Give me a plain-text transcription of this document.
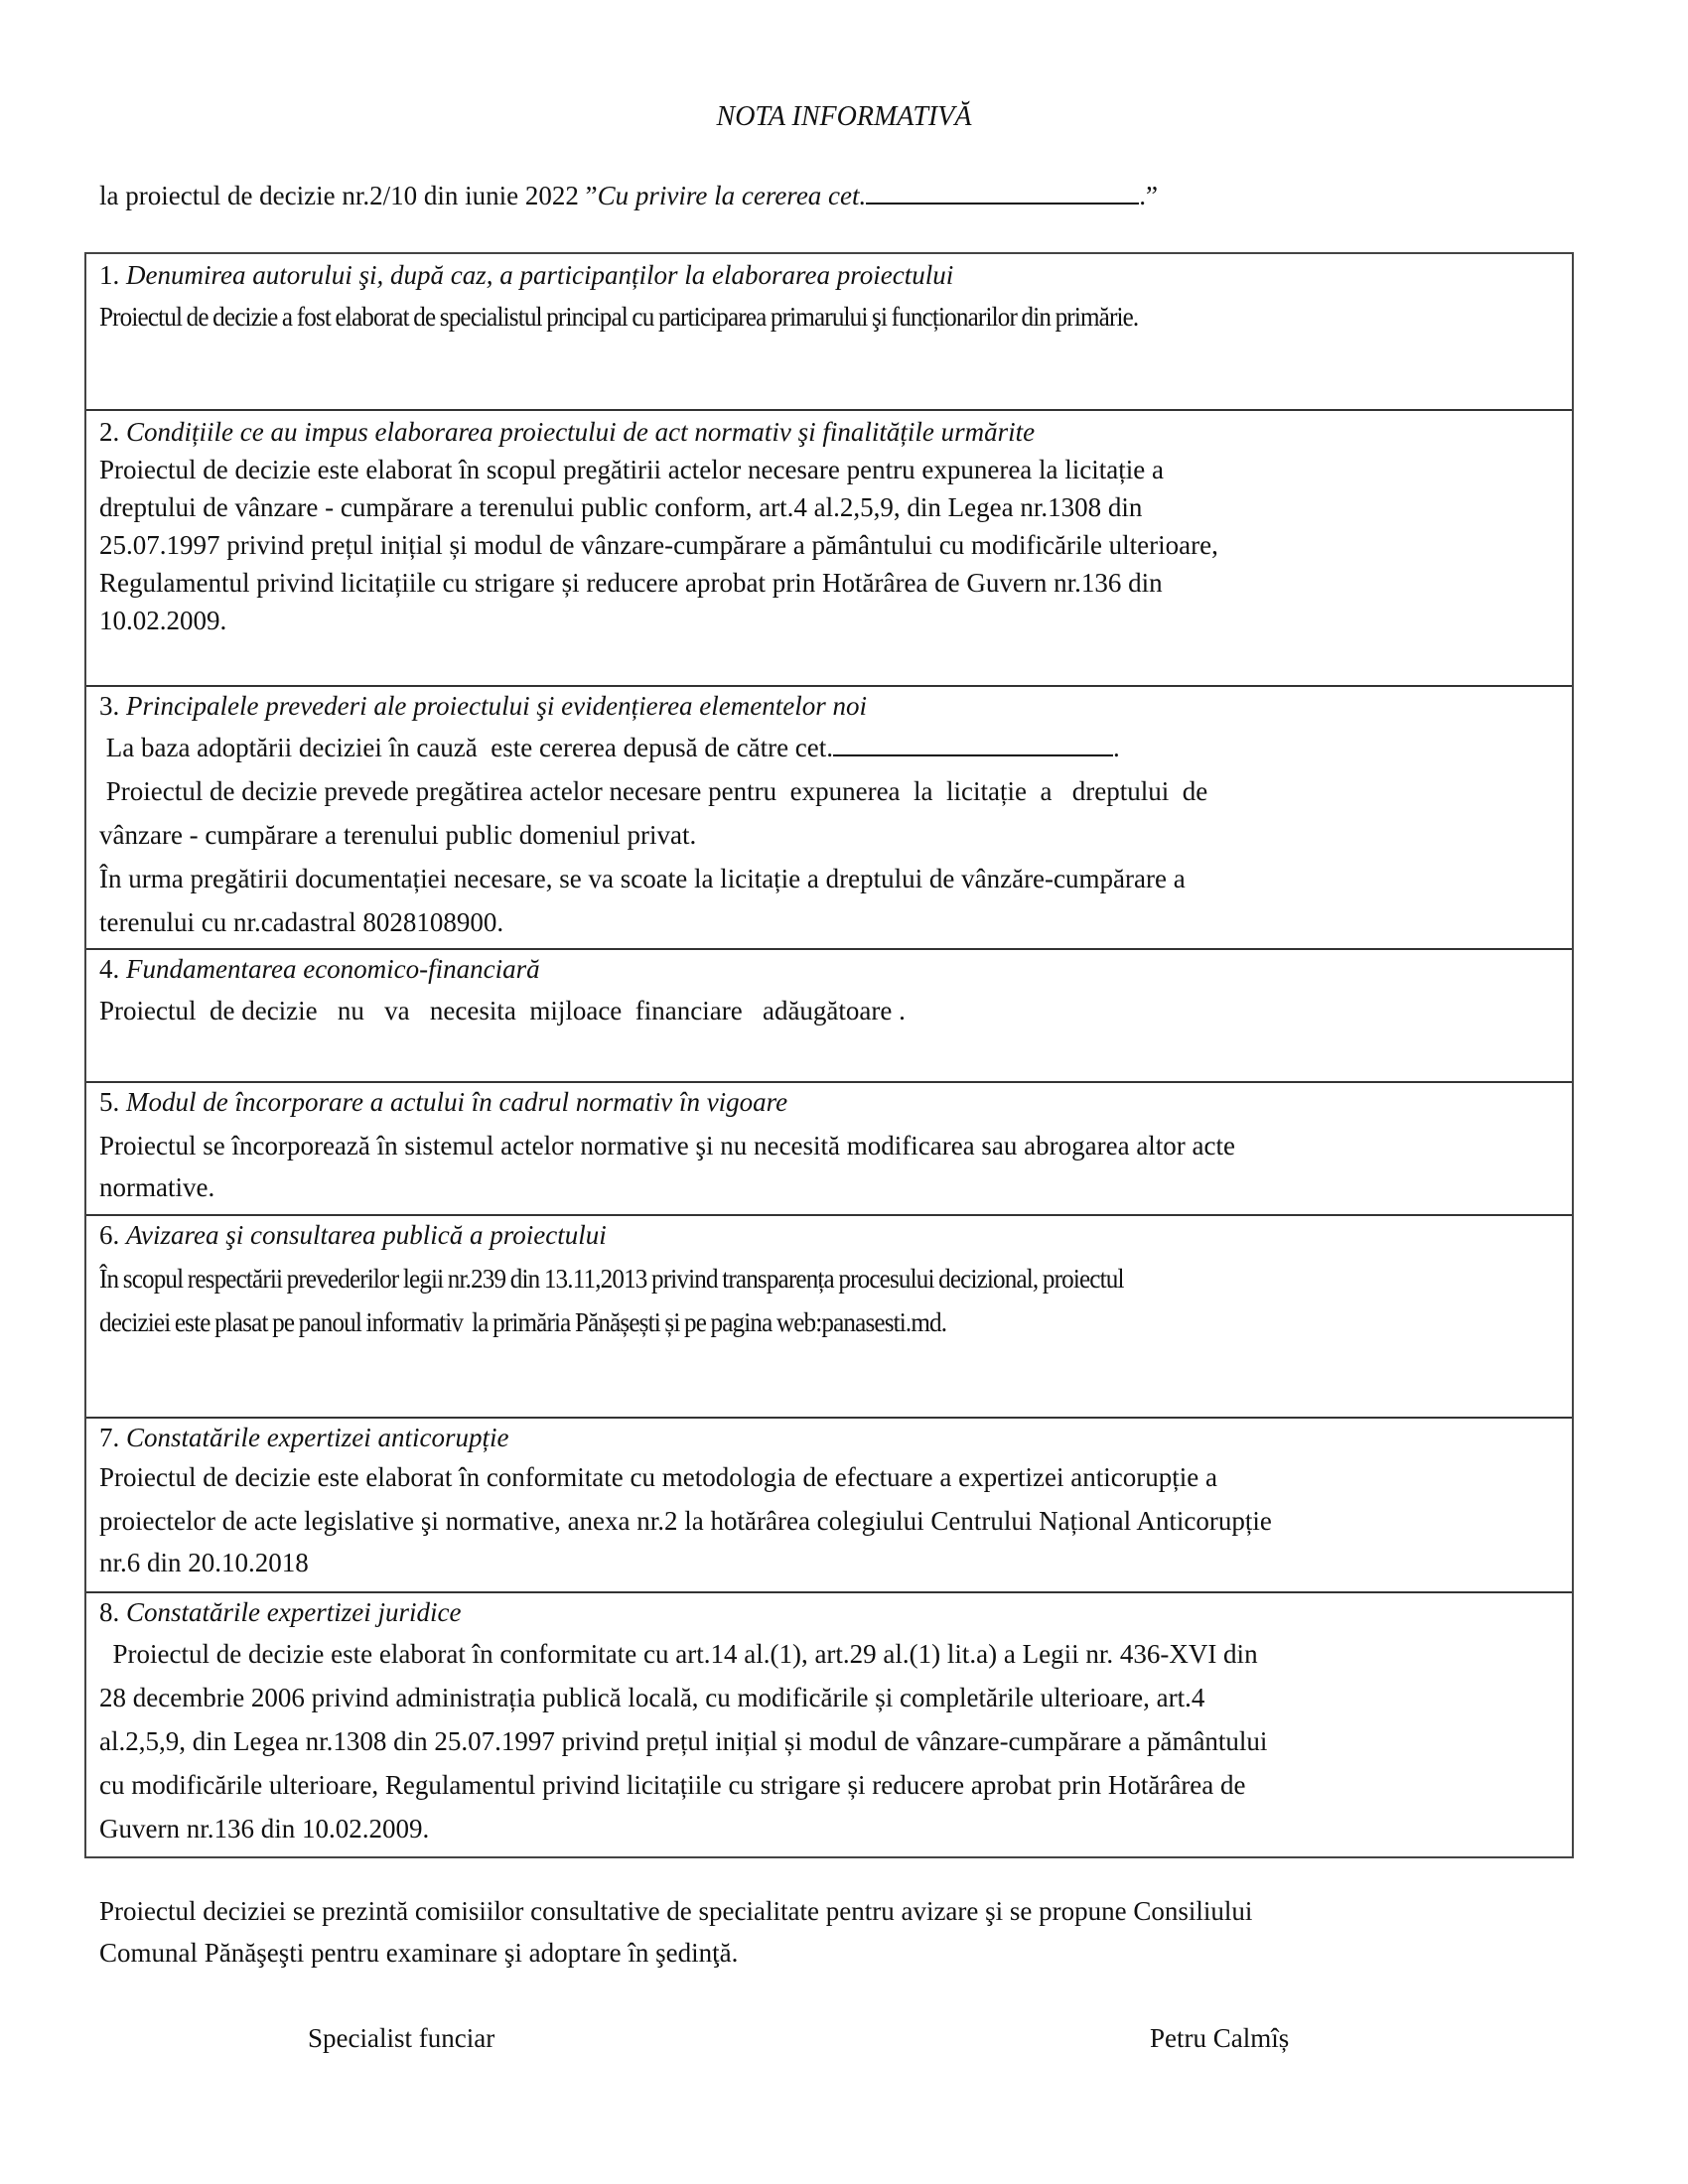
NOTA INFORMATIVĂ
la proiectul de decizie nr.2/10 din iunie 2022 ”Cu privire la cererea cet.	.”
1. Denumirea autorului şi, după caz, a participanților la elaborarea proiectului
Proiectul de decizie a fost elaborat de specialistul principal cu participarea primarului şi funcționarilor din primărie.
2. Condițiile ce au impus elaborarea proiectului de act normativ şi finalitățile urmărite
Proiectul de decizie este elaborat în scopul pregătirii actelor necesare pentru expunerea la licitație a
dreptului de vânzare - cumpărare a terenului public conform, art.4 al.2,5,9, din Legea nr.1308 din
25.07.1997 privind prețul inițial și modul de vânzare-cumpărare a pământului cu modificările ulterioare,
Regulamentul privind licitațiile cu strigare și reducere aprobat prin Hotărârea de Guvern nr.136 din
10.02.2009.
3. Principalele prevederi ale proiectului şi evidențierea elementelor noi
La baza adoptării deciziei în cauză  este cererea depusă de către cet.	.
Proiectul de decizie prevede pregătirea actelor necesare pentru  expunerea  la  licitație  a   dreptului  de
vânzare - cumpărare a terenului public domeniul privat.
În urma pregătirii documentației necesare, se va scoate la licitație a dreptului de vânzăre-cumpărare a
terenului cu nr.cadastral 8028108900.
4. Fundamentarea economico-financiară
Proiectul  de decizie   nu   va   necesita  mijloace  financiare   adăugătoare .
5. Modul de încorporare a actului în cadrul normativ în vigoare
Proiectul se încorporează în sistemul actelor normative şi nu necesită modificarea sau abrogarea altor acte
normative.
6. Avizarea şi consultarea publică a proiectului
În scopul respectării prevederilor legii nr.239 din 13.11,2013 privind transparența procesului decizional, proiectul
deciziei este plasat pe panoul informativ  la primăria Pănășești și pe pagina web:panasesti.md.
7. Constatările expertizei anticorupție
Proiectul de decizie este elaborat în conformitate cu metodologia de efectuare a expertizei anticorupție a
proiectelor de acte legislative şi normative, anexa nr.2 la hotărârea colegiului Centrului Național Anticorupție
nr.6 din 20.10.2018
8. Constatările expertizei juridice
Proiectul de decizie este elaborat în conformitate cu art.14 al.(1), art.29 al.(1) lit.a) a Legii nr. 436-XVI din
28 decembrie 2006 privind administrația publică locală, cu modificările și completările ulterioare, art.4
al.2,5,9, din Legea nr.1308 din 25.07.1997 privind prețul inițial și modul de vânzare-cumpărare a pământului
cu modificările ulterioare, Regulamentul privind licitațiile cu strigare și reducere aprobat prin Hotărârea de
Guvern nr.136 din 10.02.2009.
Proiectul deciziei se prezintă comisiilor consultative de specialitate pentru avizare şi se propune Consiliului
Comunal Pănăşeşti pentru examinare şi adoptare în şedinţă.
Specialist funciar	Petru Calmîș
